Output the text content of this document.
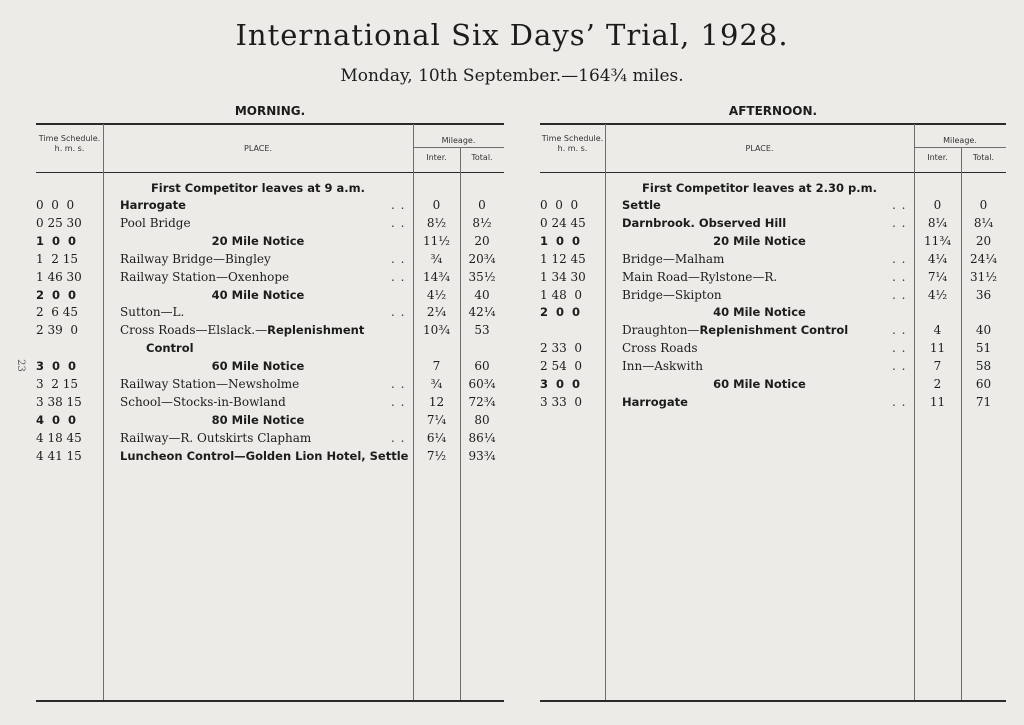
International Six Days’ Trial, 1928.
Monday, 10th September.—164¾ miles.
23
MORNING.
Time Schedule.
h. m. s.	PLACE.
Mileage.
Inter.	Total.
First Competitor leaves at 9 a.m.
0  0  0	Harrogate	. .	0	0
0 25 30	Pool Bridge	. .	8½	8½
1  0  0	20 Mile Notice	11½	20
1  2 15	Railway Bridge—Bingley	. .	¾	20¾
1 46 30	Railway Station—Oxenhope	. .	14¾	35½
2  0  0	40 Mile Notice	4½	40
2  6 45	Sutton—L.	. .	2¼	42¼
2 39  0	Cross Roads—Elslack.—Replenishment	10¾	53
Control
3  0  0	60 Mile Notice	7	60
3  2 15	Railway Station—Newsholme	. .	¾	60¾
3 38 15	School—Stocks-in-Bowland	. .	12	72¾
4  0  0	80 Mile Notice	7¼	80
4 18 45	Railway—R. Outskirts Clapham	. .	6¼	86¼
4 41 15	Luncheon Control—Golden Lion Hotel, Settle	7½	93¾
AFTERNOON.
Time Schedule.
h. m. s.	PLACE.
Mileage.
Inter.	Total.
First Competitor leaves at 2.30 p.m.
0  0  0	Settle	. .	0	0
0 24 45	Darnbrook. Observed Hill	. .	8¼	8¼
1  0  0	20 Mile Notice	11¾	20
1 12 45	Bridge—Malham	. .	4¼	24¼
1 34 30	Main Road—Rylstone—R.	. .	7¼	31½
1 48  0	Bridge—Skipton	. .	4½	36
2  0  0	40 Mile Notice
Draughton—Replenishment Control	. .	4	40
2 33  0	Cross Roads	. .	11	51
2 54  0	Inn—Askwith	. .	7	58
3  0  0	60 Mile Notice	2	60
3 33  0	Harrogate	. .	11	71
